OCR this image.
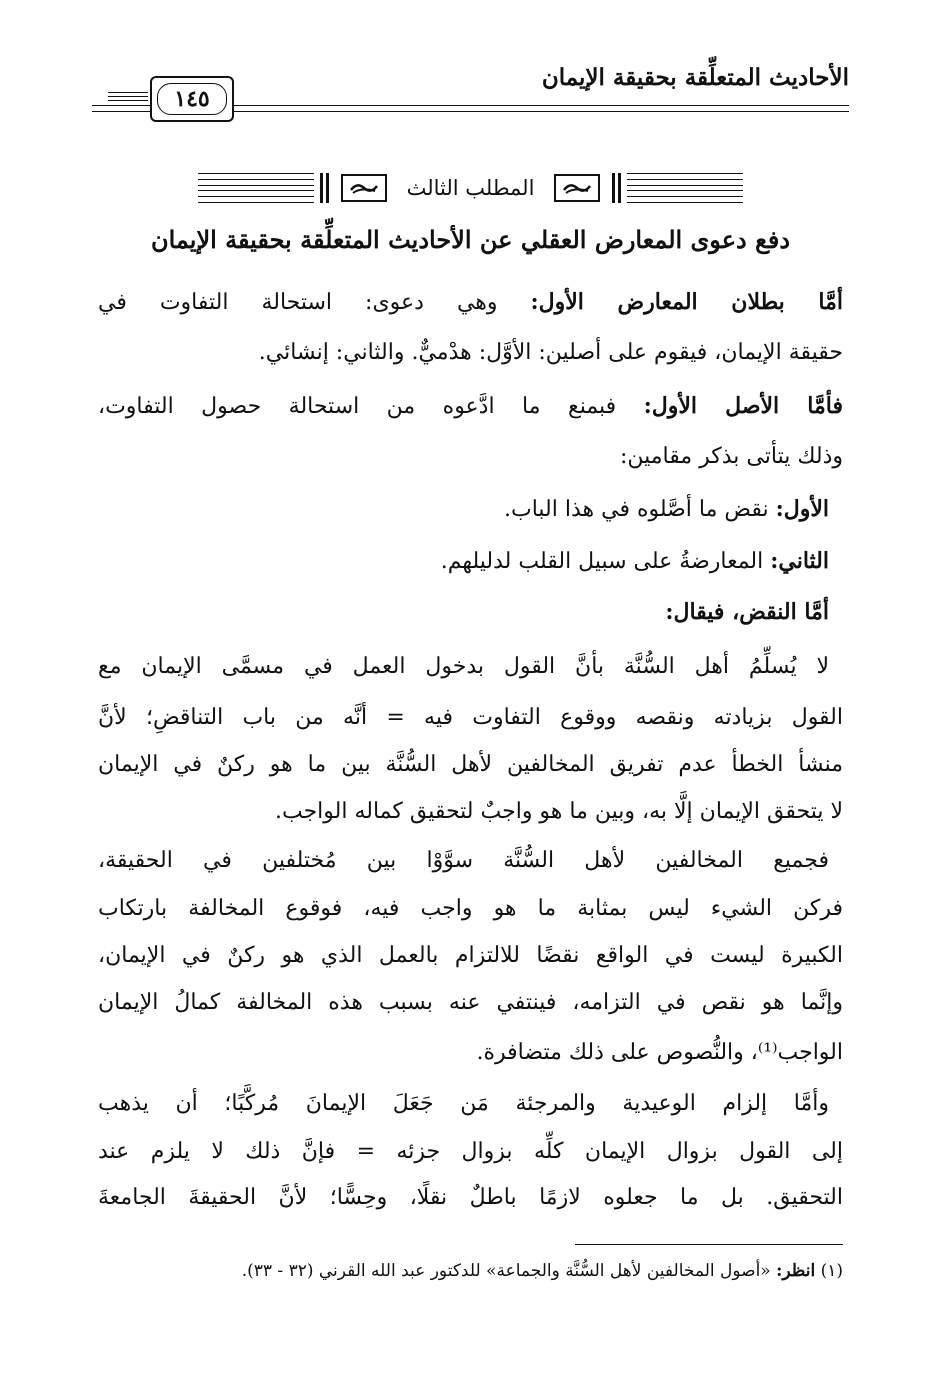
الأحاديث المتعلِّقة بحقيقة الإيمان
١٤٥
المطلب الثالث
دفع دعوى المعارض العقلي عن الأحاديث المتعلِّقة بحقيقة الإيمان
أمَّا بطلان المعارض الأول: وهي دعوى: استحالة التفاوت في
حقيقة الإيمان، فيقوم على أصلين: الأوَّل: هدْميٌّ. والثاني: إنشائي.
فأمَّا الأصل الأول: فبمنع ما ادَّعوه من استحالة حصول التفاوت،
وذلك يتأتى بذكر مقامين:
الأول: نقض ما أصَّلوه في هذا الباب.
الثاني: المعارضةُ على سبيل القلب لدليلهم.
أمَّا النقض، فيقال:
لا يُسلِّمُ أهل السُّنَّة بأنَّ القول بدخول العمل في مسمَّى الإيمان مع
القول بزيادته ونقصه ووقوع التفاوت فيه = أنَّه من باب التناقضِ؛ لأنَّ
منشأ الخطأ عدم تفريق المخالفين لأهل السُّنَّة بين ما هو ركنٌ في الإيمان
لا يتحقق الإيمان إلَّا به، وبين ما هو واجبٌ لتحقيق كماله الواجب.
فجميع المخالفين لأهل السُّنَّة سوَّوْا بين مُختلفين في الحقيقة،
فركن الشيء ليس بمثابة ما هو واجب فيه، فوقوع المخالفة بارتكاب
الكبيرة ليست في الواقع نقضًا للالتزام بالعمل الذي هو ركنٌ في الإيمان،
وإنَّما هو نقص في التزامه، فينتفي عنه بسبب هذه المخالفة كمالُ الإيمان
الواجب⁽¹⁾، والنُّصوص على ذلك متضافرة.
وأمَّا إلزام الوعيدية والمرجئة مَن جَعَلَ الإيمانَ مُركَّبًا؛ أن يذهب
إلى القول بزوال الإيمان كلِّه بزوال جزئه = فإنَّ ذلك لا يلزم عند
التحقيق. بل ما جعلوه لازمًا باطلٌ نقلًا، وحِسًّا؛ لأنَّ الحقيقةَ الجامعةَ
(١) انظر: «أصول المخالفين لأهل السُّنَّة والجماعة» للدكتور عبد الله القرني (٣٢ - ٣٣).
